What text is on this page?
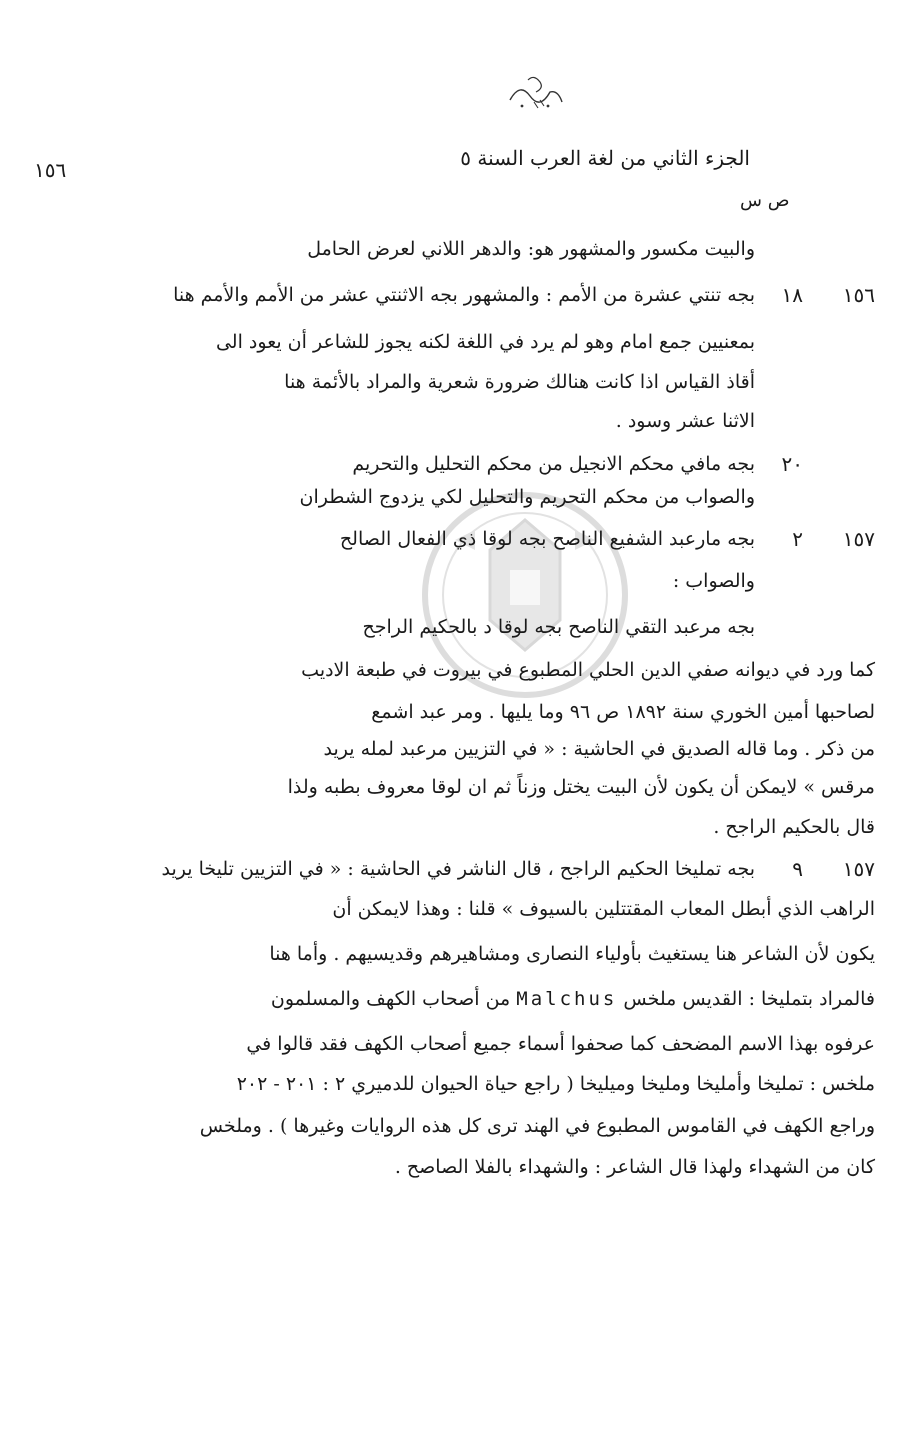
الجزء الثاني من لغة العرب السنة ٥
١٥٦
ص س
والبيت مكسور والمشهور هو: والدهر اللاني لعرض الحامل
١٥٦
١٨
بجه تنتي عشرة من الأمم : والمشهور بجه الاثنتي عشر من الأمم والأمم هنا
بمعنيين جمع امام وهو لم يرد في اللغة لكنه يجوز للشاعر أن يعود الى
أقاذ القياس اذا كانت هنالك ضرورة شعرية والمراد بالأئمة هنا
الاثنا عشر وسود .
٢٠
بجه مافي محكم الانجيل من محكم التحليل والتحريم
والصواب من محكم التحريم والتحليل لكي يزدوج الشطران
١٥٧
٢
بجه مارعبد الشفيع الناصح بجه لوقا ذي الفعال الصالح
والصواب :
بجه مرعبد التقي الناصح بجه لوقا د بالحكيم الراجح
كما ورد في ديوانه صفي الدين الحلي المطبوع في بيروت في طبعة الاديب
لصاحبها أمين الخوري سنة ١٨٩٢ ص ٩٦ وما يليها . ومر عبد اشمع
من ذكر . وما قاله الصديق في الحاشية : « في التزيين مرعبد لمله يريد
مرقس » لايمكن أن يكون لأن البيت يختل وزناً ثم ان لوقا معروف بطبه ولذا
قال بالحكيم الراجح .
١٥٧
٩
بجه تمليخا الحكيم الراجح ، قال الناشر في الحاشية : « في التزيين تليخا يريد
الراهب الذي أبطل المعاب المقتتلين بالسيوف » قلنا : وهذا لايمكن أن
يكون لأن الشاعر هنا يستغيث بأولياء النصارى ومشاهيرهم وقديسيهم . وأما هنا
فالمراد بتمليخا : القديس ملخس Malchus من أصحاب الكهف والمسلمون
عرفوه بهذا الاسم المضحف كما صحفوا أسماء جميع أصحاب الكهف فقد قالوا في
ملخس : تمليخا وأمليخا ومليخا وميليخا ( راجع حياة الحيوان للدميري ٢ : ٢٠١ - ٢٠٢
وراجع الكهف في القاموس المطبوع في الهند ترى كل هذه الروايات وغيرها ) . وملخس
كان من الشهداء ولهذا قال الشاعر : والشهداء بالفلا الصاصح .
